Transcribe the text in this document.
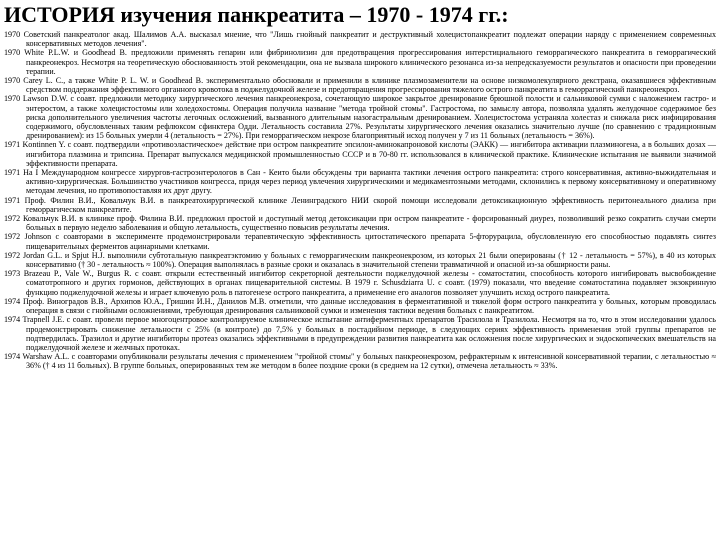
ИСТОРИЯ изучения панкреатита – 1970 - 1974 гг.:

1970 Советский панкреатолог акад. Шалимов А.А. высказал мнение, что "Лишь гнойный панкреатит и деструктивный холецистопанкреатит подлежат операции наряду с применением современных консервативных методов лечения".

1970 White P.L.W. и Goodhead B. предложили применять гепарин или фибринолизин для предотвращения прогрессирования интерстициального геморрагического панкреатита в геморрагический панкреонекроз. Несмотря на теоретическую обоснованность этой рекомендации, она не вызвала широкого клинического резонанса из-за непредсказуемости результатов и опасности при проведении терапии.

1970 Carey L. C., а также White P. L. W. и Goodhead B. экспериментально обосновали и применили в клинике плазмозаменители на основе низкомолекулярного декстрана, оказавшиеся эффективным средством поддержания эффективного органного кровотока в поджелудочной железе и предотвращения прогрессирования тяжелого острого панкреатита в геморрагический панкреонекроз.

1970 Lawson D.W. с соавт. предложили методику хирургического лечения панкреонекроза, сочетающую широкое закрытое дренирование брюшной полости и сальниковой сумки с наложением гастро- и энтеростом, а также холецистостомы или холедохостомы. Операция получила название "метода тройной стомы". Гастростома, по замыслу автора, позволяла удалять желудочное содержимое без риска дополнительного увеличения частоты легочных осложнений, вызванного длительным назогастральным дренированием. Холецистостома устраняла холестаз и снижала риск инфицирования содержимого, обусловленных таким рефлюксом сфинктера Одди. Летальность составила 27%. Результаты хирургического лечения оказались значительно лучше (по сравнению с традиционным дренированием): из 15 больных умерли 4 (летальность = 27%). При геморрагическом некрозе благоприятный исход получен у 7 из 11 больных (летальность = 36%).

1971 Kontinnen Y. с соавт. подтвердили «противоэластическое» действие при остром панкреатите эпсилон-аминокапроновой кислоты (ЭАКК) — ингибитора активации плазминогена, а в больших дозах — ингибитора плазмина и трипсина. Препарат выпускался медицинской промышленностью СССР и в 70-80 гг. использовался в клинической практике. Клинические испытания не выявили значимой эффективности препарата.

1971 На I Международном конгрессе хирургов-гастроэнтерологов в Сан - Кеито были обсуждены три варианта тактики лечения острого панкреатита: строго консервативная, активно-выжидательная и активно-хирургическая. Большинство участников конгресса, придя через период увлечения хирургическими и медикаментозными методами, склонились к первому консервативному и оперативному методам лечения, но противопоставляя их друг другу.

1971 Проф. Филин В.И., Ковальчук В.И. в панкреатохирургической клинике Ленинградского НИИ скорой помощи исследовали детоксикационную эффективность перитонеального диализа при геморрагическом панкреатите.

1972 Ковальчук В.И. в клинике проф. Филина В.И. предложил простой и доступный метод детоксикации при остром панкреатите - форсированный диурез, позволивший резко сократить случаи смерти больных в первую неделю заболевания и общую летальность, существенно повысив результаты лечения.

1972 Johnson с соавторами в эксперименте продемонстрировали терапевтическую эффективность цитостатического препарата 5-фторурацила, обусловленную его способностью подавлять синтез пищеварительных ферментов ацинарными клетками.

1972 Jordan G.L. и Spjut H.J. выполнили субтотальную панкреатэктомию у больных с геморрагическим панкреонекрозом, из которых 21 были оперированы († 12 - летальность = 57%), в 40 из которых консервативно († 30 - летальность ≈ 100%). Операция выполнялась в разные сроки и оказалась в значительной степени травматичной и опасной из-за обширности раны.

1973 Brazeau P., Vale W., Burgus R. с соавт. открыли естественный ингибитор секреторной деятельности поджелудочной железы - соматостатин, способность которого ингибировать высвобождение соматотропного и других гормонов, действующих в органах пищеварительной системы. В 1979 г. Schusdziarra U. с соавт. (1979) показали, что введение соматостатина подавляет экзокринную функцию поджелудочной железы и играет ключевую роль в патогенезе острого панкреатита, а применение его аналогов позволяет улучшить исход острого панкреатита.

1974 Проф. Виноградов В.В., Архипов Ю.А., Гришин И.Н., Данилов М.В. отметили, что данные исследования в ферментативной и тяжелой форм острого панкреатита у больных, которым проводилась операция в связи с гнойными осложнениями, требующая дренирования сальниковой сумки и изменения тактики ведения больных с панкреатитом.

1974 Trapnell J.E. с соавт. провели первое многоцентровое контролируемое клиническое испытание антиферментных препаратов Трасилола и Тразилола. Несмотря на то, что в этом исследовании удалось продемонстрировать снижение летальности с 25% (в контроле) до 7,5% у больных в постадийном периоде, в следующих сериях эффективность применения этой группы препаратов не подтвердилась. Тразилол и другие ингибиторы протеаз оказались эффективными в предупреждении развития панкреатита как осложнения после хирургических и эндоскопических вмешательств на поджелудочной железе и желчных протоках.

1974 Warshaw A.L. с соавторами опубликовали результаты лечения с применением "тройной стомы" у больных панкреонекрозом, рефрактерным к интенсивной консервативной терапии, с летальностью ≈ 36% († 4 из 11 больных). В группе больных, оперированных тем же методом в более поздние сроки (в среднем на 12 сутки), отмечена летальность ≈ 33%.
